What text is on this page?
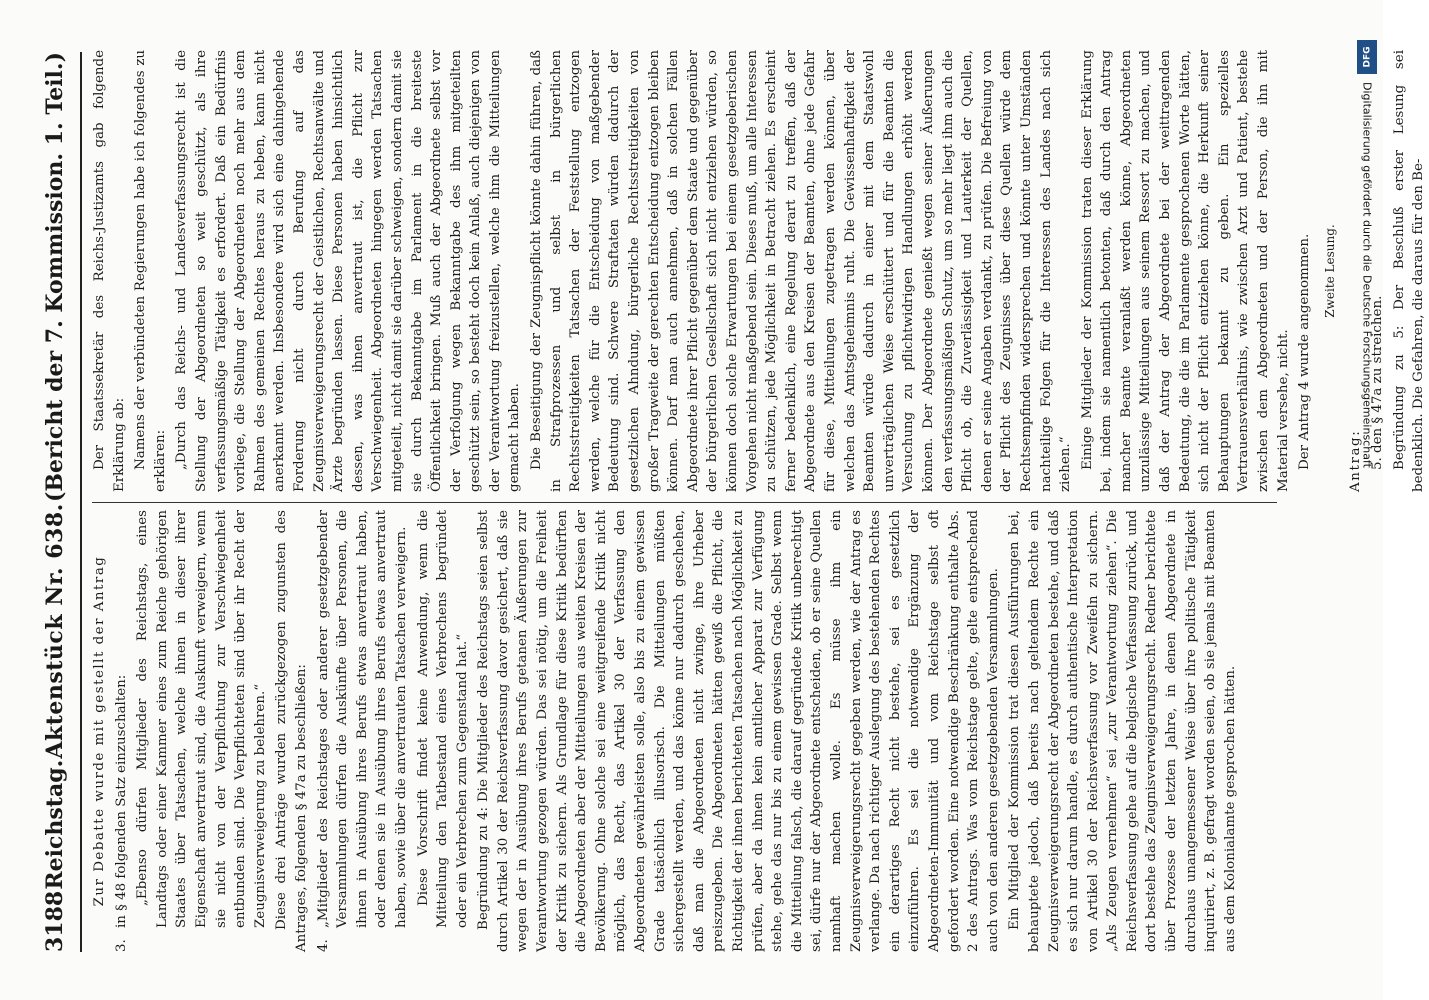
3188
Reichstag.
Aktenstück Nr. 638.
(Bericht der 7. Kommission. 1. Teil.)

Zur Debatte wurde mit gestellt der Antrag

3.
in § 48 folgenden Satz einzuschalten: „Ebenso dürfen Mitglieder des Reichstags, eines Landtags oder einer Kammer eines zum Reiche gehörigen Staates über Tatsachen, welche ihnen in dieser ihrer Eigenschaft anvertraut sind, die Auskunft verweigern, wenn sie nicht von der Verpflichtung zur Verschwiegenheit entbunden sind. Die Verpflichteten sind über ihr Recht der Zeugnisverweigerung zu belehren.“ Diese drei Anträge wurden zurückgezogen zugunsten des Antrages, folgenden § 47a zu beschließen: 4.
„Mitglieder des Reichstages oder anderer gesetzgebender Versammlungen dürfen die Auskünfte über Personen, die ihnen in Ausübung ihres Berufs etwas anvertraut haben, oder denen sie in Ausübung ihres Berufs etwas anvertraut haben, sowie über die anvertrauten Tatsachen verweigern. Diese Vorschrift findet keine Anwendung, wenn die Mitteilung den Tatbestand eines Verbrechens begründet oder ein Verbrechen zum Gegenstand hat.“ Begründung zu 4: Die Mitglieder des Reichstags seien selbst durch Artikel 30 der Reichsverfassung davor gesichert, daß sie wegen der in Ausübung ihres Berufs getanen Äußerungen zur Verantwortung gezogen würden. Das sei nötig, um die Freiheit der Kritik zu sichern. Als Grundlage für diese Kritik bedürften die Abgeordneten aber der Mitteilungen aus weiten Kreisen der Bevölkerung. Ohne solche sei eine weitgreifende Kritik nicht möglich, das Recht, das Artikel 30 der Verfassung den Abgeordneten gewährleisten solle, also bis zu einem gewissen Grade tatsächlich illusorisch. Die Mitteilungen müßten sichergestellt werden, und das könne nur dadurch geschehen, daß man die Abgeordneten nicht zwinge, ihre Urheber preiszugeben. Die Abgeordneten hätten gewiß die Pflicht, die Richtigkeit der ihnen berichteten Tatsachen nach Möglichkeit zu prüfen, aber da ihnen kein amtlicher Apparat zur Verfügung stehe, gehe das nur bis zu einem gewissen Grade. Selbst wenn die Mitteilung falsch, die darauf gegründete Kritik unberechtigt sei, dürfe nur der Abgeordnete entscheiden, ob er seine Quellen namhaft machen wolle. Es müsse ihm ein Zeugnisverweigerungsrecht gegeben werden, wie der Antrag es verlange. Da nach richtiger Auslegung des bestehenden Rechtes ein derartiges Recht nicht bestehe, sei es gesetzlich einzuführen. Es sei die notwendige Ergänzung der Abgeordneten-Immunität und vom Reichstage selbst oft gefordert worden. Eine notwendige Beschränkung enthalte Abs. 2 des Antrags. Was vom Reichstage gelte, gelte entsprechend auch von den anderen gesetzgebenden Versammlungen. Ein Mitglied der Kommission trat diesen Ausführungen bei, behauptete jedoch, daß bereits nach geltendem Rechte ein Zeugnisverweigerungsrecht der Abgeordneten bestehe, und daß es sich nur darum handle, es durch authentische Interpretation von Artikel 30 der Reichsverfassung vor Zweifeln zu sichern. „Als Zeugen vernehmen“ sei „zur Verantwortung ziehen“. Die Reichsverfassung gehe auf die belgische Verfassung zurück, und dort bestehe das Zeugnisverweigerungsrecht. Redner berichtete über Prozesse der letzten Jahre, in denen Abgeordnete in durchaus unangemessener Weise über ihre politische Tätigkeit inquiriert, z. B. gefragt worden seien, ob sie jemals mit Beamten aus dem Kolonialamte gesprochen hätten.

Der Staatssekretär des Reichs-Justizamts gab folgende Erklärung ab: Namens der verbündeten Regierungen habe ich folgendes zu erklären: „Durch das Reichs- und Landesverfassungsrecht ist die Stellung der Abgeordneten so weit geschützt, als ihre verfassungsmäßige Tätigkeit es erfordert. Daß ein Bedürfnis vorliege, die Stellung der Abgeordneten noch mehr aus dem Rahmen des gemeinen Rechtes heraus zu heben, kann nicht anerkannt werden. Insbesondere wird sich eine dahingehende Forderung nicht durch Berufung auf das Zeugnisverweigerungsrecht der Geistlichen, Rechtsanwälte und Ärzte begründen lassen. Diese Personen haben hinsichtlich dessen, was ihnen anvertraut ist, die Pflicht zur Verschwiegenheit. Abgeordneten hingegen werden Tatsachen mitgeteilt, nicht damit sie darüber schweigen, sondern damit sie sie durch Bekanntgabe im Parlament in die breiteste Öffentlichkeit bringen. Muß auch der Abgeordnete selbst vor der Verfolgung wegen Bekanntgabe des ihm mitgeteilten geschützt sein, so besteht doch kein Anlaß, auch diejenigen von der Verantwortung freizustellen, welche ihm die Mitteilungen gemacht haben. Die Beseitigung der Zeugnispflicht könnte dahin führen, daß in Strafprozessen und selbst in bürgerlichen Rechtsstreitigkeiten Tatsachen der Feststellung entzogen werden, welche für die Entscheidung von maßgebender Bedeutung sind. Schwere Straftaten würden dadurch der gesetzlichen Ahndung, bürgerliche Rechtsstreitigkeiten von großer Tragweite der gerechten Entscheidung entzogen bleiben können. Darf man auch annehmen, daß in solchen Fällen Abgeordnete ihrer Pflicht gegenüber dem Staate und gegenüber der bürgerlichen Gesellschaft sich nicht entziehen würden, so können doch solche Erwartungen bei einem gesetzgeberischen Vorgehen nicht maßgebend sein. Dieses muß, um alle Interessen zu schützen, jede Möglichkeit in Betracht ziehen. Es erscheint ferner bedenklich, eine Regelung derart zu treffen, daß der Abgeordnete aus den Kreisen der Beamten, ohne jede Gefahr für diese, Mitteilungen zugetragen werden können, über welchen das Amtsgeheimnis ruht. Die Gewissenhaftigkeit der Beamten würde dadurch in einer mit dem Staatswohl unverträglichen Weise erschüttert und für die Beamten die Versuchung zu pflichtwidrigen Handlungen erhöht werden können. Der Abgeordnete genießt wegen seiner Äußerungen den verfassungsmäßigen Schutz, um so mehr liegt ihm auch die Pflicht ob, die Zuverlässigkeit und Lauterkeit der Quellen, denen er seine Angaben verdankt, zu prüfen. Die Befreiung von der Pflicht des Zeugnisses über diese Quellen würde dem Rechtsempfinden widersprechen und könnte unter Umständen nachteilige Folgen für die Interessen des Landes nach sich ziehen.“ Einige Mitglieder der Kommission traten dieser Erklärung bei, indem sie namentlich betonten, daß durch den Antrag mancher Beamte veranlaßt werden könne, Abgeordneten unzulässige Mitteilungen aus seinem Ressort zu machen, und daß der Antrag der Abgeordnete bei der weittragenden Bedeutung, die die im Parlamente gesprochenen Worte hätten, sich nicht der Pflicht entziehen könne, die Herkunft seiner Behauptungen bekannt zu geben. Ein spezielles Vertrauensverhältnis, wie zwischen Arzt und Patient, bestehe zwischen dem Abgeordneten und der Person, die ihn mit Material versehe, nicht. Der Antrag 4 wurde angenommen. Zweite Lesung.

Antrag: 5. den § 47a zu streichen. Begründung zu 5: Der Beschluß erster Lesung sei bedenklich. Die Gefahren, die daraus für den Be-

DFG
Digitalisierung gefördert durch die Deutsche Forschungsgemeinschaft
